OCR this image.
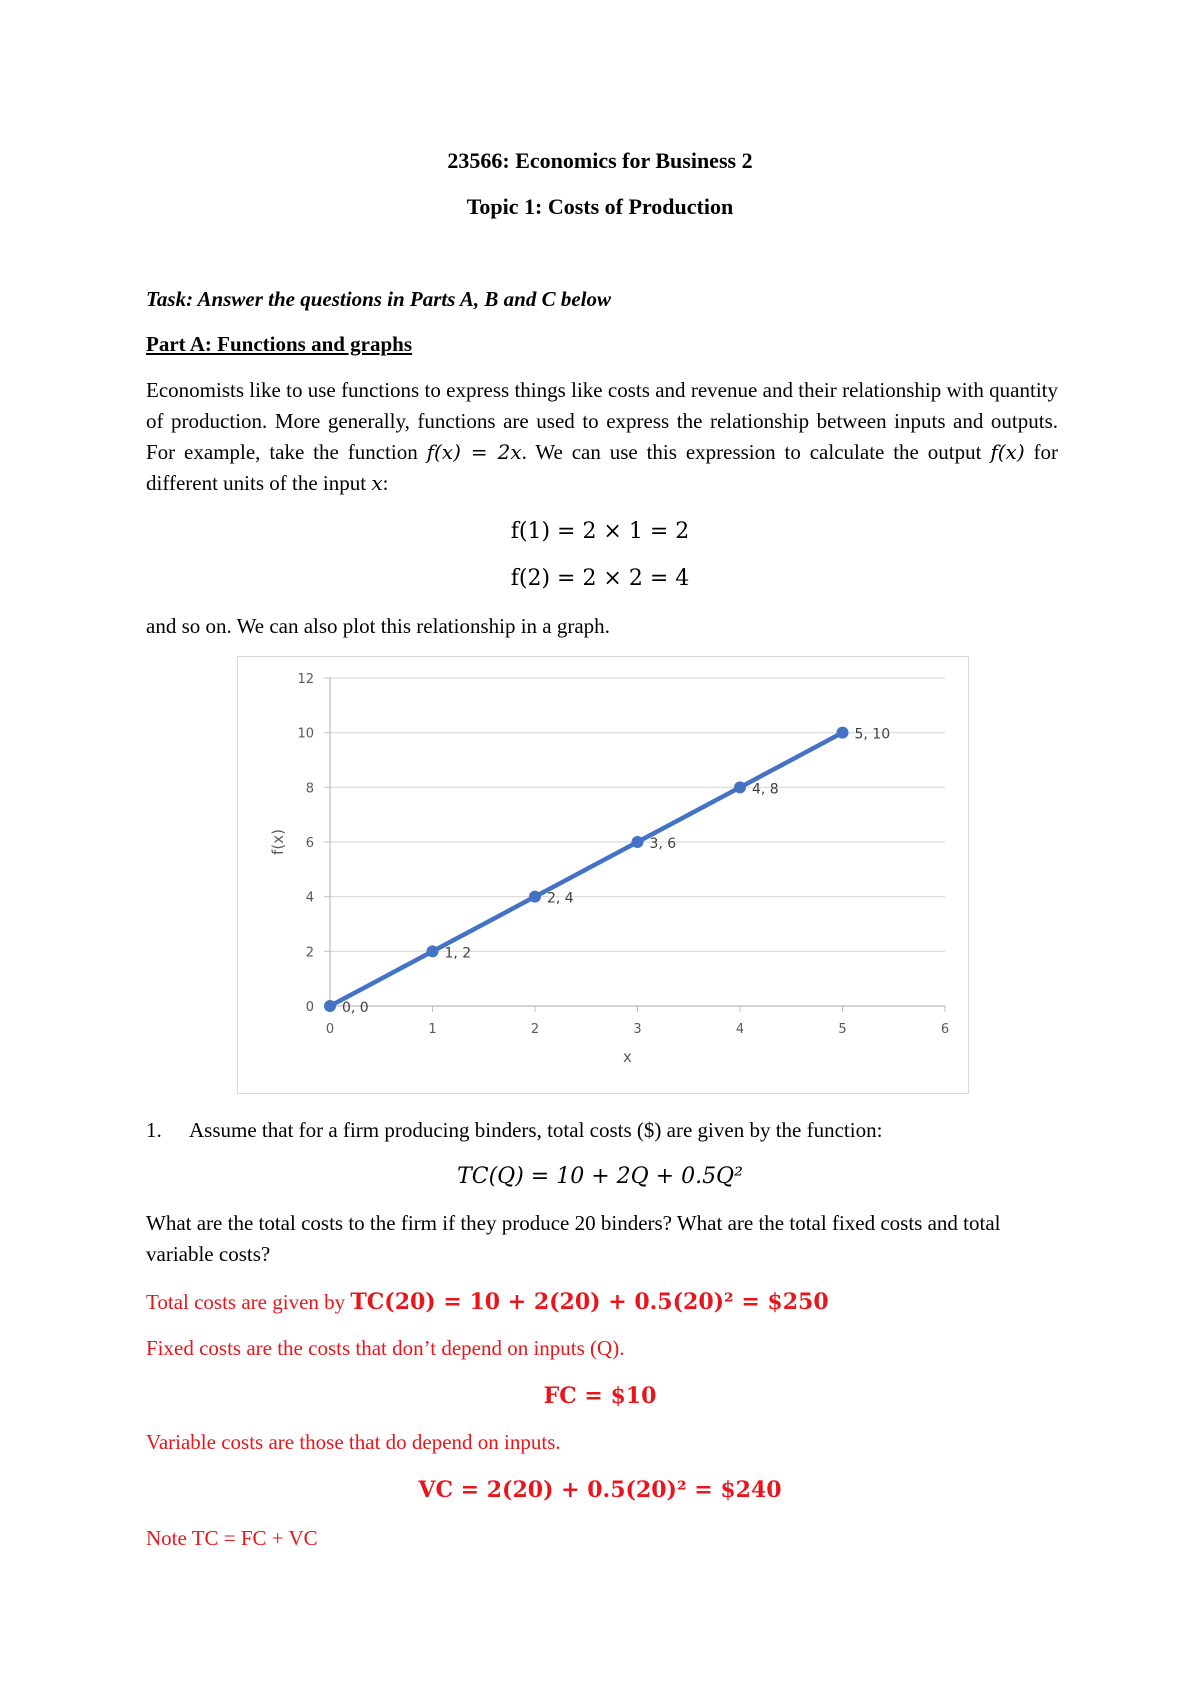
23566: Economics for Business 2
Topic 1: Costs of Production
Task: Answer the questions in Parts A, B and C below
Part A: Functions and graphs
Economists like to use functions to express things like costs and revenue and their relationship with quantity of production. More generally, functions are used to express the relationship between inputs and outputs. For example, take the function f(x) = 2x. We can use this expression to calculate the output f(x) for different units of the input x:
f(1) = 2 × 1 = 2
f(2) = 2 × 2 = 4
and so on. We can also plot this relationship in a graph.
0
2
4
6
8
10
12
0	1	2	3	4	5	6
x
f(x)
0, 0
1, 2
2, 4
3, 6
4, 8
5, 10
1. Assume that for a firm producing binders, total costs ($) are given by the function:
TC(Q) = 10 + 2Q + 0.5Q²
What are the total costs to the firm if they produce 20 binders? What are the total fixed costs and total variable costs?
Total costs are given by TC(20) = 10 + 2(20) + 0.5(20)² = $250
Fixed costs are the costs that don’t depend on inputs (Q).
FC = $10
Variable costs are those that do depend on inputs.
VC = 2(20) + 0.5(20)² = $240
Note TC = FC + VC
